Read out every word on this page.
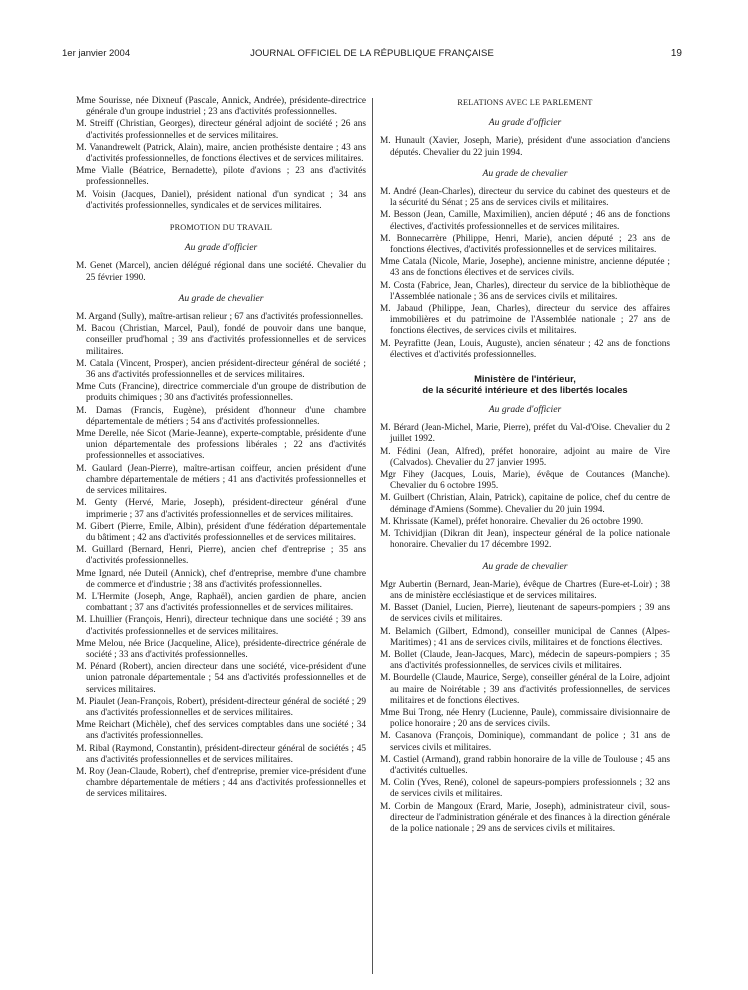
1er janvier 2004	JOURNAL OFFICIEL DE LA RÉPUBLIQUE FRANÇAISE	19

Mme Sourisse, née Dixneuf (Pascale, Annick, Andrée), présidente-directrice générale d'un groupe industriel ; 23 ans d'activités professionnelles.

M. Streiff (Christian, Georges), directeur général adjoint de société ; 26 ans d'activités professionnelles et de services militaires.

M. Vanandrewelt (Patrick, Alain), maire, ancien prothésiste dentaire ; 43 ans d'activités professionnelles, de fonctions électives et de services militaires.

Mme Vialle (Béatrice, Bernadette), pilote d'avions ; 23 ans d'activités professionnelles.

M. Voisin (Jacques, Daniel), président national d'un syndicat ; 34 ans d'activités professionnelles, syndicales et de services militaires.

PROMOTION DU TRAVAIL
Au grade d'officier

M. Genet (Marcel), ancien délégué régional dans une société. Chevalier du 25 février 1990.

Au grade de chevalier

M. Argand (Sully), maître-artisan relieur ; 67 ans d'activités professionnelles.

M. Bacou (Christian, Marcel, Paul), fondé de pouvoir dans une banque, conseiller prud'homal ; 39 ans d'activités professionnelles et de services militaires.

M. Catala (Vincent, Prosper), ancien président-directeur général de société ; 36 ans d'activités professionnelles et de services militaires.

Mme Cuts (Francine), directrice commerciale d'un groupe de distribution de produits chimiques ; 30 ans d'activités professionnelles.

M. Damas (Francis, Eugène), président d'honneur d'une chambre départementale de métiers ; 54 ans d'activités professionnelles.

Mme Derelle, née Sicot (Marie-Jeanne), experte-comptable, présidente d'une union départementale des professions libérales ; 22 ans d'activités professionnelles et associatives.

M. Gaulard (Jean-Pierre), maître-artisan coiffeur, ancien président d'une chambre départementale de métiers ; 41 ans d'activités professionnelles et de services militaires.

M. Genty (Hervé, Marie, Joseph), président-directeur général d'une imprimerie ; 37 ans d'activités professionnelles et de services militaires.

M. Gibert (Pierre, Emile, Albin), président d'une fédération départementale du bâtiment ; 42 ans d'activités professionnelles et de services militaires.

M. Guillard (Bernard, Henri, Pierre), ancien chef d'entreprise ; 35 ans d'activités professionnelles.

Mme Ignard, née Duteil (Annick), chef d'entreprise, membre d'une chambre de commerce et d'industrie ; 38 ans d'activités professionnelles.

M. L'Hermite (Joseph, Ange, Raphaël), ancien gardien de phare, ancien combattant ; 37 ans d'activités professionnelles et de services militaires.

M. Lhuillier (François, Henri), directeur technique dans une société ; 39 ans d'activités professionnelles et de services militaires.

Mme Melou, née Brice (Jacqueline, Alice), présidente-directrice générale de société ; 33 ans d'activités professionnelles.

M. Pénard (Robert), ancien directeur dans une société, vice-président d'une union patronale départementale ; 54 ans d'activités professionnelles et de services militaires.

M. Piaulet (Jean-François, Robert), président-directeur général de société ; 29 ans d'activités professionnelles et de services militaires.

Mme Reichart (Michèle), chef des services comptables dans une société ; 34 ans d'activités professionnelles.

M. Ribal (Raymond, Constantin), président-directeur général de sociétés ; 45 ans d'activités professionnelles et de services militaires.

M. Roy (Jean-Claude, Robert), chef d'entreprise, premier vice-président d'une chambre départementale de métiers ; 44 ans d'activités professionnelles et de services militaires.

RELATIONS AVEC LE PARLEMENT
Au grade d'officier

M. Hunault (Xavier, Joseph, Marie), président d'une association d'anciens députés. Chevalier du 22 juin 1994.

Au grade de chevalier

M. André (Jean-Charles), directeur du service du cabinet des questeurs et de la sécurité du Sénat ; 25 ans de services civils et militaires.

M. Besson (Jean, Camille, Maximilien), ancien député ; 46 ans de fonctions électives, d'activités professionnelles et de services militaires.

M. Bonnecarrère (Philippe, Henri, Marie), ancien député ; 23 ans de fonctions électives, d'activités professionnelles et de services militaires.

Mme Catala (Nicole, Marie, Josephe), ancienne ministre, ancienne députée ; 43 ans de fonctions électives et de services civils.

M. Costa (Fabrice, Jean, Charles), directeur du service de la bibliothèque de l'Assemblée nationale ; 36 ans de services civils et militaires.

M. Jabaud (Philippe, Jean, Charles), directeur du service des affaires immobilières et du patrimoine de l'Assemblée nationale ; 27 ans de fonctions électives, de services civils et militaires.

M. Peyrafitte (Jean, Louis, Auguste), ancien sénateur ; 42 ans de fonctions électives et d'activités professionnelles.

Ministère de l'intérieur,
de la sécurité intérieure et des libertés locales
Au grade d'officier

M. Bérard (Jean-Michel, Marie, Pierre), préfet du Val-d'Oise. Chevalier du 2 juillet 1992.

M. Fédini (Jean, Alfred), préfet honoraire, adjoint au maire de Vire (Calvados). Chevalier du 27 janvier 1995.

Mgr Fihey (Jacques, Louis, Marie), évêque de Coutances (Manche). Chevalier du 6 octobre 1995.

M. Guilbert (Christian, Alain, Patrick), capitaine de police, chef du centre de déminage d'Amiens (Somme). Chevalier du 20 juin 1994.

M. Khrissate (Kamel), préfet honoraire. Chevalier du 26 octobre 1990.

M. Tchividjian (Dikran dit Jean), inspecteur général de la police nationale honoraire. Chevalier du 17 décembre 1992.

Au grade de chevalier

Mgr Aubertin (Bernard, Jean-Marie), évêque de Chartres (Eure-et-Loir) ; 38 ans de ministère ecclésiastique et de services militaires.

M. Basset (Daniel, Lucien, Pierre), lieutenant de sapeurs-pompiers ; 39 ans de services civils et militaires.

M. Belamich (Gilbert, Edmond), conseiller municipal de Cannes (Alpes-Maritimes) ; 41 ans de services civils, militaires et de fonctions électives.

M. Bollet (Claude, Jean-Jacques, Marc), médecin de sapeurs-pompiers ; 35 ans d'activités professionnelles, de services civils et militaires.

M. Bourdelle (Claude, Maurice, Serge), conseiller général de la Loire, adjoint au maire de Noirétable ; 39 ans d'activités professionnelles, de services militaires et de fonctions électives.

Mme Bui Trong, née Henry (Lucienne, Paule), commissaire divisionnaire de police honoraire ; 20 ans de services civils.

M. Casanova (François, Dominique), commandant de police ; 31 ans de services civils et militaires.

M. Castiel (Armand), grand rabbin honoraire de la ville de Toulouse ; 45 ans d'activités cultuelles.

M. Colin (Yves, René), colonel de sapeurs-pompiers professionnels ; 32 ans de services civils et militaires.

M. Corbin de Mangoux (Erard, Marie, Joseph), administrateur civil, sous-directeur de l'administration générale et des finances à la direction générale de la police nationale ; 29 ans de services civils et militaires.
